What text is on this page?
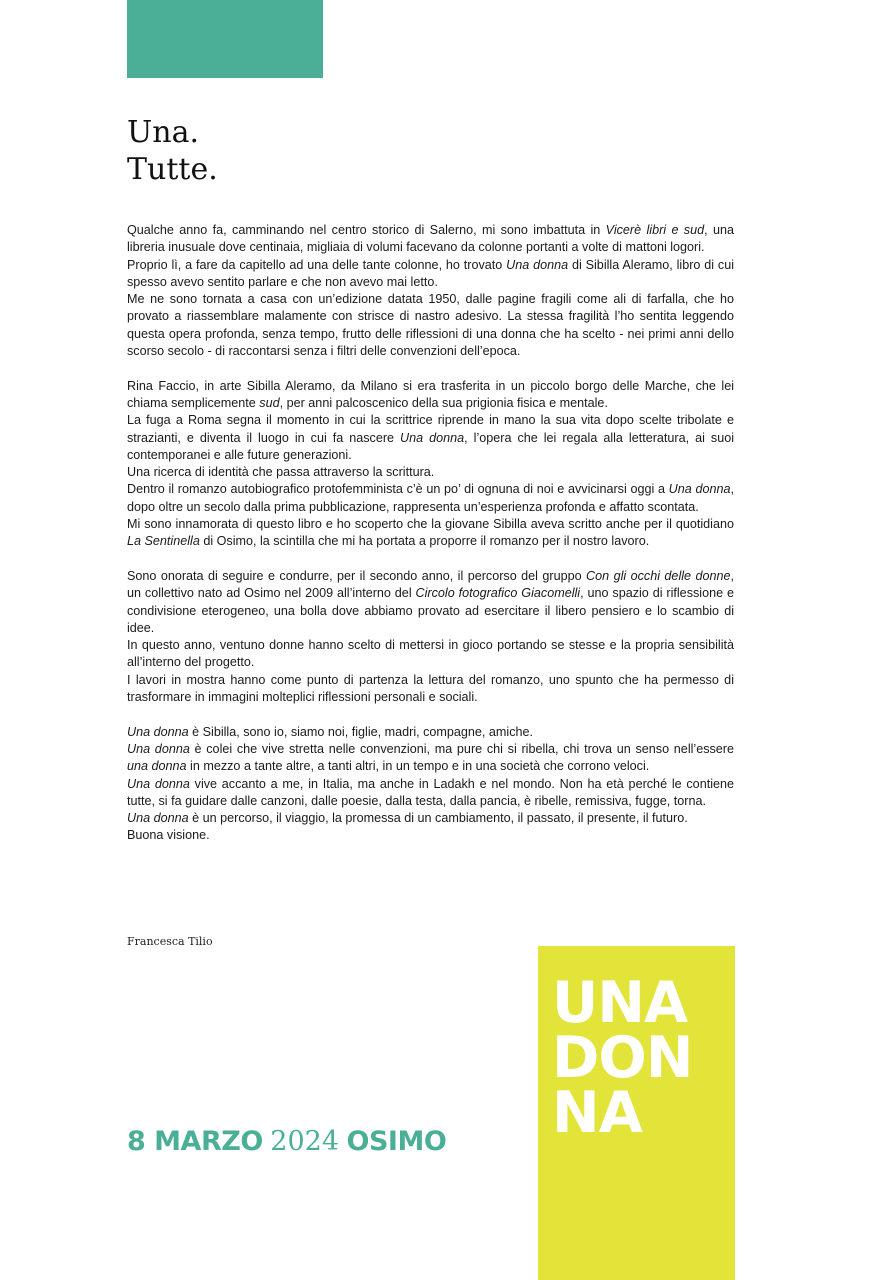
Una.
Tutte.

Qualche anno fa, camminando nel centro storico di Salerno, mi sono imbattuta in Vicerè libri e sud, una libreria inusuale dove centinaia, migliaia di volumi facevano da colonne portanti a volte di mattoni logori.
Proprio lì, a fare da capitello ad una delle tante colonne, ho trovato Una donna di Sibilla Aleramo, libro di cui spesso avevo sentito parlare e che non avevo mai letto.
Me ne sono tornata a casa con un’edizione datata 1950, dalle pagine fragili come ali di farfalla, che ho provato a riassemblare malamente con strisce di nastro adesivo. La stessa fragilità l’ho sentita leggendo questa opera profonda, senza tempo, frutto delle riflessioni di una donna che ha scelto - nei primi anni dello scorso secolo - di raccontarsi senza i filtri delle convenzioni dell’epoca.

Rina Faccio, in arte Sibilla Aleramo, da Milano si era trasferita in un piccolo borgo delle Marche, che lei chiama semplicemente sud, per anni palcoscenico della sua prigionia fisica e mentale.
La fuga a Roma segna il momento in cui la scrittrice riprende in mano la sua vita dopo scelte tribolate e strazianti, e diventa il luogo in cui fa nascere Una donna, l’opera che lei regala alla letteratura, ai suoi contemporanei e alle future generazioni.
Una ricerca di identità che passa attraverso la scrittura.
Dentro il romanzo autobiografico protofemminista c’è un po’ di ognuna di noi e avvicinarsi oggi a Una donna, dopo oltre un secolo dalla prima pubblicazione, rappresenta un’esperienza profonda e affatto scontata.
Mi sono innamorata di questo libro e ho scoperto che la giovane Sibilla aveva scritto anche per il quotidiano La Sentinella di Osimo, la scintilla che mi ha portata a proporre il romanzo per il nostro lavoro.

Sono onorata di seguire e condurre, per il secondo anno, il percorso del gruppo Con gli occhi delle donne, un collettivo nato ad Osimo nel 2009 all’interno del Circolo fotografico Giacomelli, uno spazio di riflessione e condivisione eterogeneo, una bolla dove abbiamo provato ad esercitare il libero pensiero e lo scambio di idee.
In questo anno, ventuno donne hanno scelto di mettersi in gioco portando se stesse e la propria sensibilità all’interno del progetto.
I lavori in mostra hanno come punto di partenza la lettura del romanzo, uno spunto che ha permesso di trasformare in immagini molteplici riflessioni personali e sociali.

Una donna è Sibilla, sono io, siamo noi, figlie, madri, compagne, amiche.
Una donna è colei che vive stretta nelle convenzioni, ma pure chi si ribella, chi trova un senso nell’essere una donna in mezzo a tante altre, a tanti altri, in un tempo e in una società che corrono veloci.
Una donna vive accanto a me, in Italia, ma anche in Ladakh e nel mondo. Non ha età perché le contiene tutte, si fa guidare dalle canzoni, dalle poesie, dalla testa, dalla pancia, è ribelle, remissiva, fugge, torna.
Una donna è un percorso, il viaggio, la promessa di un cambiamento, il passato, il presente, il futuro.
Buona visione.

Francesca Tilio
8 MARZO 2024 OSIMO
UNA
DON
NA
